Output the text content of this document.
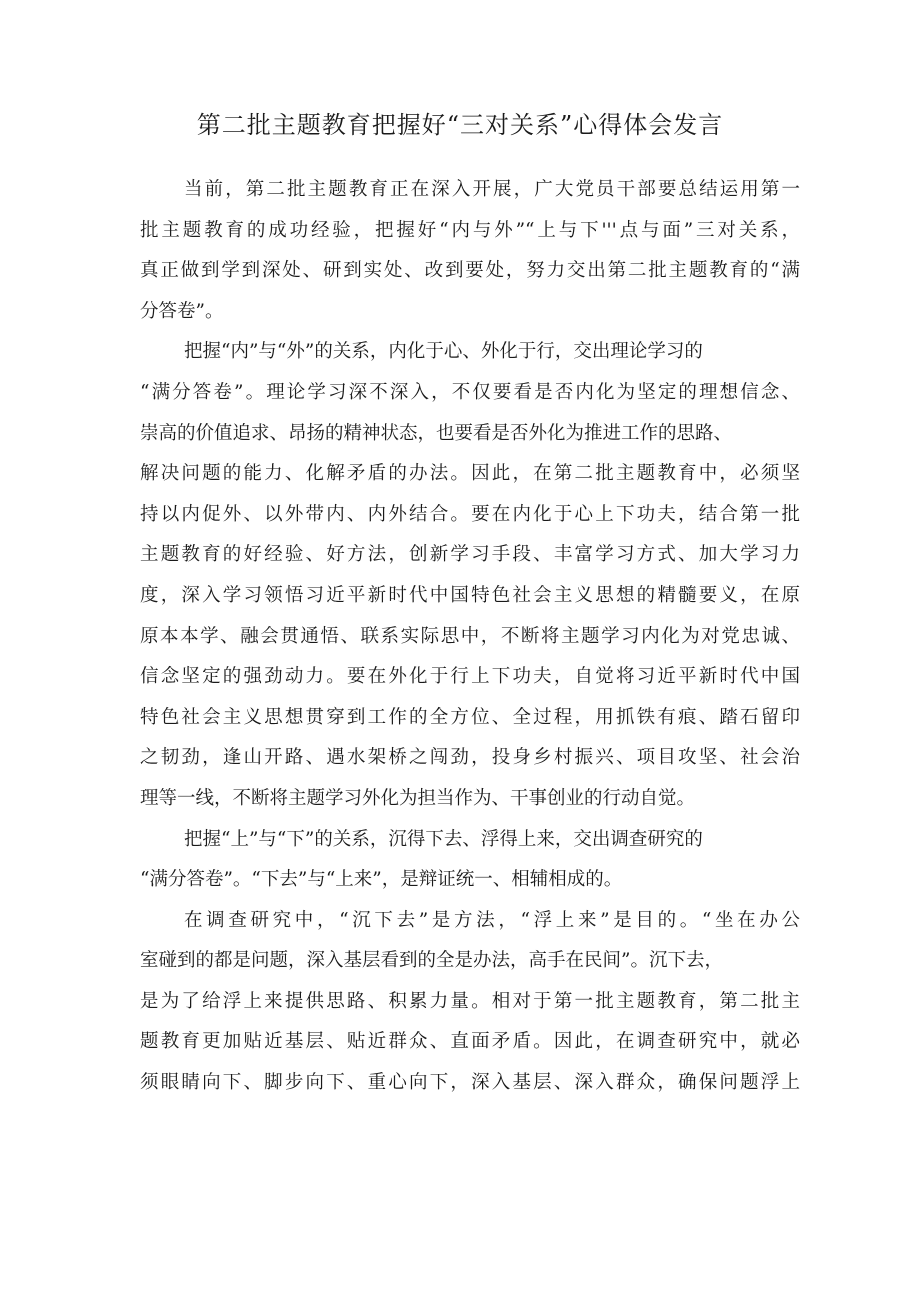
第二批主题教育把握好“三对关系”心得体会发言
当前，第二批主题教育正在深入开展，广大党员干部要总结运用第一
批主题教育的成功经验，把握好“内与外”“上与下'''点与面”三对关系，
真正做到学到深处、研到实处、改到要处，努力交出第二批主题教育的“满
分答卷”。
把握“内”与“外”的关系，内化于心、外化于行，交出理论学习的
“满分答卷”。理论学习深不深入，不仅要看是否内化为坚定的理想信念、
崇高的价值追求、昂扬的精神状态，也要看是否外化为推进工作的思路、
解决问题的能力、化解矛盾的办法。因此，在第二批主题教育中，必须坚
持以内促外、以外带内、内外结合。要在内化于心上下功夫，结合第一批
主题教育的好经验、好方法，创新学习手段、丰富学习方式、加大学习力
度，深入学习领悟习近平新时代中国特色社会主义思想的精髓要义，在原
原本本学、融会贯通悟、联系实际思中，不断将主题学习内化为对党忠诚、
信念坚定的强劲动力。要在外化于行上下功夫，自觉将习近平新时代中国
特色社会主义思想贯穿到工作的全方位、全过程，用抓铁有痕、踏石留印
之韧劲，逢山开路、遇水架桥之闯劲，投身乡村振兴、项目攻坚、社会治
理等一线，不断将主题学习外化为担当作为、干事创业的行动自觉。
把握“上”与“下”的关系，沉得下去、浮得上来，交出调查研究的
“满分答卷”。“下去”与“上来”，是辩证统一、相辅相成的。
在调查研究中，“沉下去”是方法，“浮上来”是目的。“坐在办公
室碰到的都是问题，深入基层看到的全是办法，高手在民间”。沉下去，
是为了给浮上来提供思路、积累力量。相对于第一批主题教育，第二批主
题教育更加贴近基层、贴近群众、直面矛盾。因此，在调查研究中，就必
须眼睛向下、脚步向下、重心向下，深入基层、深入群众，确保问题浮上
